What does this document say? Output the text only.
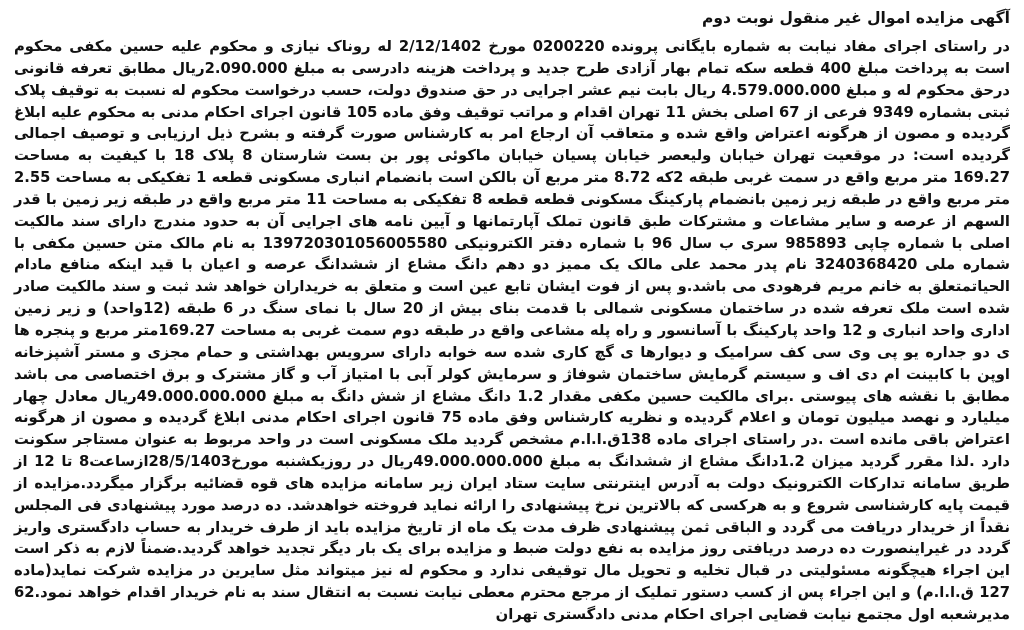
آگهی مزایده اموال غیر منقول نوبت دوم

در راستای اجرای مفاد نیابت به شماره بایگانی پرونده 0200220 مورخ 2/12/1402 له روناک نیازی و محکوم علیه حسین مکفی محکوم است به پرداخت مبلغ 400 قطعه سکه تمام بهار آزادی طرح جدید و پرداخت هزینه دادرسی به مبلغ 2.090.000ریال مطابق تعرفه قانونی درحق محکوم له و مبلغ 4.579.000.000 ریال بابت نیم عشر اجرایی در حق صندوق دولت، حسب درخواست محکوم له نسبت به توقیف پلاک ثبتی بشماره 9349 فرعی از 67 اصلی بخش 11 تهران اقدام و مراتب توقیف وفق ماده 105 قانون اجرای احکام مدنی به محکوم علیه ابلاغ گردیده و مصون از هرگونه اعتراض واقع شده و متعاقب آن ارجاع امر به کارشناس صورت گرفته و بشرح ذیل ارزیابی و توصیف اجمالی گردیده است: در موقعیت تهران خیابان ولیعصر خیابان پسیان خیابان ماکوئی پور بن بست شارستان 8 پلاک 18 با کیفیت به مساحت 169.27 متر مربع واقع در سمت غربی طبقه 2که 8.72 متر مربع آن بالکن است بانضمام انباری مسکونی قطعه 1 تفکیکی به مساحت 2.55 متر مربع واقع در طبقه زیر زمین بانضمام پارکینگ مسکونی قطعه قطعه 8 تفکیکی به مساحت 11 متر مربع واقع در طبقه زیر زمین با قدر السهم از عرصه و سایر مشاعات و مشترکات طبق قانون تملک آپارتمانها و آیین نامه های اجرایی آن به حدود مندرج دارای سند مالکیت اصلی با شماره چاپی 985893 سری ب سال 96 با شماره دفتر الکترونیکی 139720301056005580 به نام مالک متن حسین مکفی با شماره ملی 3240368420 نام پدر محمد علی مالک یک ممیز دو دهم دانگ مشاع از ششدانگ عرصه و اعیان با قید اینکه منافع مادام الحیاتمتعلق به خانم مریم فرهودی می باشد.و پس از فوت ایشان تابع عین است و متعلق به خریداران خواهد شد ثبت و سند مالکیت صادر شده است ملک تعرفه شده در ساختمان مسکونی شمالی با قدمت بنای بیش از 20 سال با نمای سنگ در 6 طبقه (12واحد) و زیر زمین اداری واحد انباری و 12 واحد پارکینگ با آسانسور و راه پله مشاعی واقع در طبقه دوم سمت غربی به مساحت 169.27متر مربع و پنجره ها ی دو جداره یو پی وی سی کف سرامیک و دیوارها ی گچ کاری شده سه خوابه دارای سرویس بهداشتی و حمام مجزی و مستر آشپزخانه اوپن با کابینت ام دی اف و سیستم گرمایش ساختمان شوفاژ و سرمایش کولر آبی با امتیاز آب و گاز مشترک و برق اختصاصی می باشد مطابق با نقشه های پیوستی .برای مالکیت حسین مکفی مقدار 1.2 دانگ مشاع از شش دانگ به مبلغ 49.000.000.000ریال معادل چهار میلیارد و نهصد میلیون تومان و اعلام گردیده و نظریه کارشناس وفق ماده 75 قانون اجرای احکام مدنی ابلاغ گردیده و مصون از هرگونه اعتراض باقی مانده است .در راستای اجرای ماده 138ق.ا.ا.م مشخص گردید ملک مسکونی است در واحد مربوط به عنوان مستاجر سکونت دارد .لذا مقرر گردید میزان 1.2دانگ مشاع از ششدانگ به مبلغ 49.000.000.000ریال در روزیکشنبه مورخ28/5/1403ازساعت8 تا 12 از طریق سامانه تدارکات الکترونیک دولت به آدرس اینترنتی سایت ستاد ایران زیر سامانه مزایده های قوه قضائیه برگزار میگردد.مزایده از قیمت پایه کارشناسی شروع و به هرکسی که بالاترین نرخ پیشنهادی را ارائه نماید فروخته خواهدشد. ده درصد مورد پیشنهادی فی المجلس نقداً از خریدار دریافت می گردد و الباقی ثمن پیشنهادی ظرف مدت یک ماه از تاریخ مزایده باید از طرف خریدار به حساب دادگستری واریز گردد در غیراینصورت ده درصد دریافتی روز مزایده به نفع دولت ضبط و مزایده برای یک بار دیگر تجدید خواهد گردید.ضمناً لازم به ذکر است این اجراء هیچگونه مسئولیتی در قبال تخلیه و تحویل مال توقیفی ندارد و محکوم له نیز میتواند مثل سایرین در مزایده شرکت نماید(ماده 127 ق.ا.ا.م) و این اجراء پس از کسب دستور تملیک از مرجع محترم معطی نیابت نسبت به انتقال سند به نام خریدار اقدام خواهد نمود.62 مدیرشعبه اول مجتمع نیابت قضایی اجرای احکام مدنی دادگستری تهران
